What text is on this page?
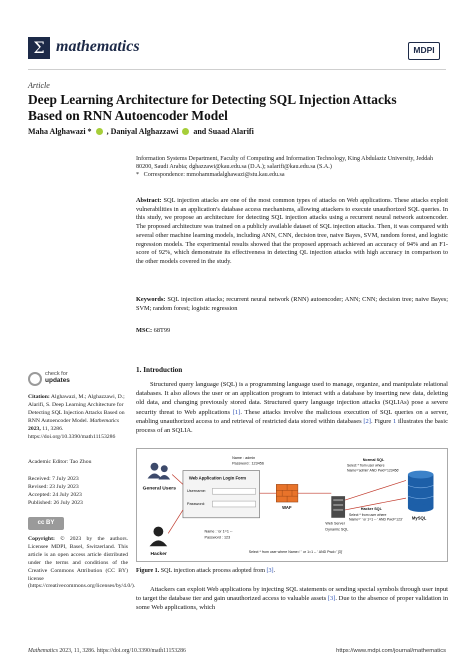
Σ mathematics	MDPI
Article
Deep Learning Architecture for Detecting SQL Injection Attacks Based on RNN Autoencoder Model
Maha Alghawazi * , Daniyal Alghazzawi and Suaad Alarifi
Information Systems Department, Faculty of Computing and Information Technology, King Abdulaziz University, Jeddah 80200, Saudi Arabia; dghazzawi@kau.edu.sa (D.A.); salarifi@kau.edu.sa (S.A.)
* Correspondence: mmohammadalghawazi@stu.kau.edu.sa
Abstract: SQL injection attacks are one of the most common types of attacks on Web applications. These attacks exploit vulnerabilities in an application's database access mechanisms, allowing attackers to execute unauthorized SQL queries. In this study, we propose an architecture for detecting SQL injection attacks using a recurrent neural network autoencoder. The proposed architecture was trained on a publicly available dataset of SQL injection attacks. Then, it was compared with several other machine learning models, including ANN, CNN, decision tree, naive Bayes, SVM, random forest, and logistic regression models. The experimental results showed that the proposed approach achieved an accuracy of 94% and an F1-score of 92%, which demonstrate its effectiveness in detecting QL injection attacks with high accuracy in comparison to the other models covered in the study.
Keywords: SQL injection attacks; recurrent neural network (RNN) autoencoder; ANN; CNN; decision tree; naive Bayes; SVM; random forest; logistic regression
MSC: 68T99
check for
updates
Citation: Alghawazi, M.; Alghazzawi, D.; Alarifi, S. Deep Learning Architecture for Detecting SQL Injection Attacks Based on RNN Autoencoder Model. Mathematics 2023, 11, 3286. https://doi.org/10.3390/math11153286
Academic Editor: Tao Zhou
Received: 7 July 2023
Revised: 23 July 2023
Accepted: 24 July 2023
Published: 26 July 2023
cc BY
Copyright: © 2023 by the authors. Licensee MDPI, Basel, Switzerland. This article is an open access article distributed under the terms and conditions of the Creative Commons Attribution (CC BY) license (https://creativecommons.org/licenses/by/4.0/).
1. Introduction
Structured query language (SQL) is a programming language used to manage, organize, and manipulate relational databases. It also allows the user or an application program to interact with a database by inserting new data, deleting old data, and changing previously stored data. Structured query language injection attacks (SQLIAs) pose a severe security threat to Web applications [1]. These attacks involve the malicious execution of SQL queries on a server, enabling unauthorized access to and retrieval of restricted data stored within databases [2]. Figure 1 illustrates the basic process of an SQLIA.
General Users
Hacker
Web Application Login Form
Username:
Password:
Name : admin
Password : 123456
Name : 'or 1=1 --
Password : 123
WAF
Web Server
Dynamic SQL
Select * from user where Name=' ' or 1=1 -- ' AND Pwd=' ]3]'
Normal SQL
Select * from user where
Name='admin' AND Pwd='123456'
Hacker SQL
Select * from user where
Name=' ' or 1=1 -- ' AND Pwd='123' MySQL
Figure 1. SQL injection attack process adopted from [3].
Attackers can exploit Web applications by injecting SQL statements or sending special symbols through user input to target the database tier and gain unauthorized access to valuable assets [3]. Due to the absence of proper validation in some Web applications, which
Mathematics 2023, 11, 3286. https://doi.org/10.3390/math11153286	https://www.mdpi.com/journal/mathematics
